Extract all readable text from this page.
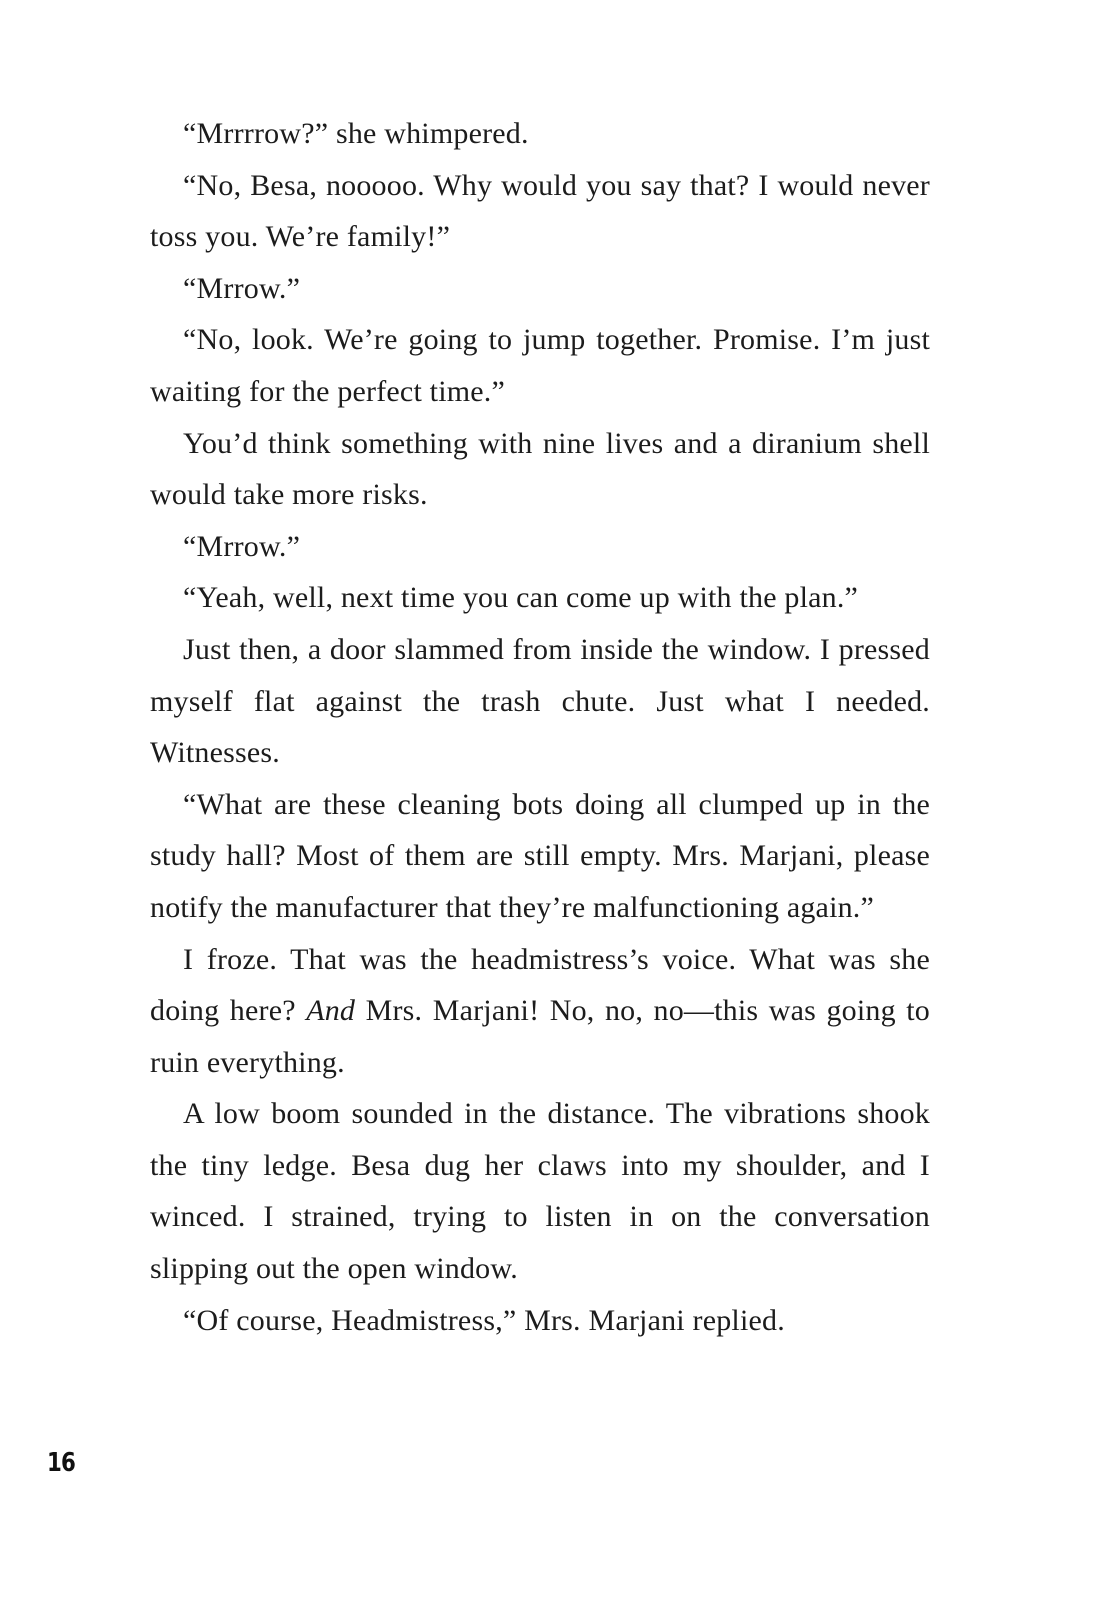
“Mrrrrow?” she whimpered.

“No, Besa, nooooo. Why would you say that? I would never toss you. We’re family!”

“Mrrow.”

“No, look. We’re going to jump together. Promise. I’m just waiting for the perfect time.”

You’d think something with nine lives and a diranium shell would take more risks.

“Mrrow.”

“Yeah, well, next time you can come up with the plan.”

Just then, a door slammed from inside the window. I pressed myself flat against the trash chute. Just what I needed. Witnesses.

“What are these cleaning bots doing all clumped up in the study hall? Most of them are still empty. Mrs. Marjani, please notify the manufacturer that they’re malfunctioning again.”

I froze. That was the headmistress’s voice. What was she doing here? And Mrs. Marjani! No, no, no—this was going to ruin everything.

A low boom sounded in the distance. The vibrations shook the tiny ledge. Besa dug her claws into my shoulder, and I winced. I strained, trying to listen in on the conversation slipping out the open window.

“Of course, Headmistress,” Mrs. Marjani replied.

16
